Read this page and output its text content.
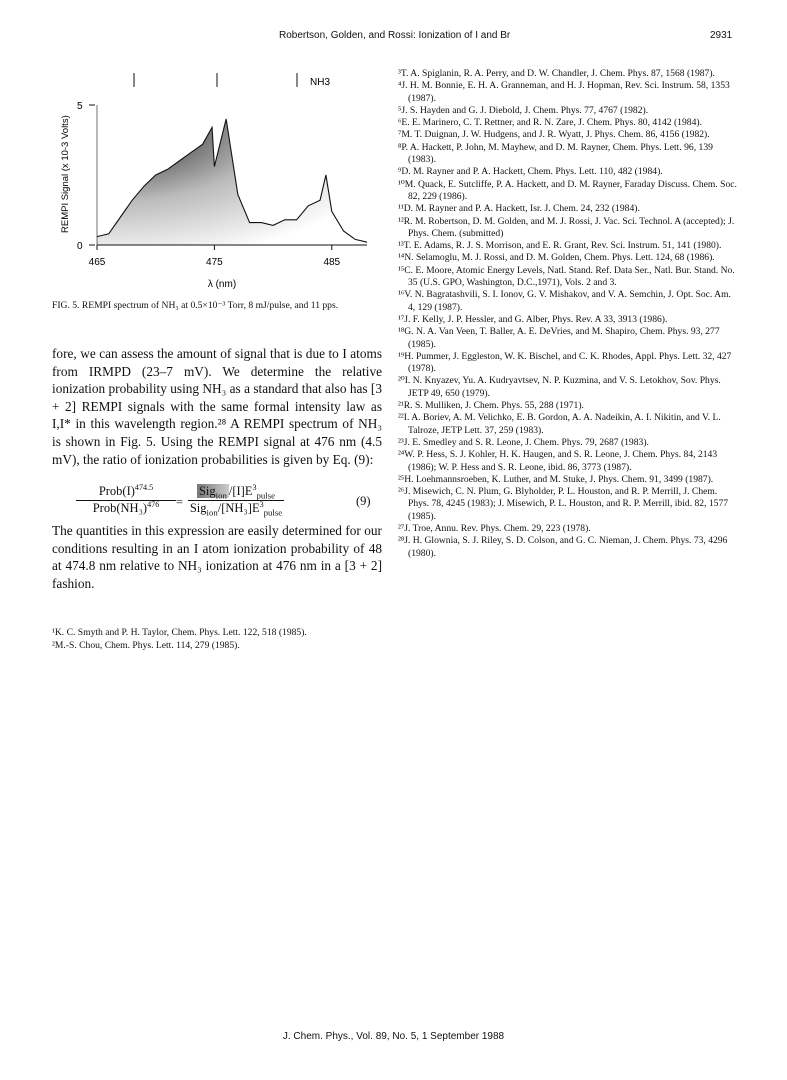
Robertson, Golden, and Rossi: Ionization of I and Br	2931
0
5
465	475	485
NH3
λ (nm)
REMPI Signal (x 10-3 Volts)
FIG. 5. REMPI spectrum of NH₃ at 0.5×10⁻³ Torr, 8 mJ/pulse, and 11 pps.
fore, we can assess the amount of signal that is due to I atoms from IRMPD (23–7 mV). We determine the relative ionization probability using NH₃ as a standard that also has [3 + 2] REMPI signals with the same formal intensity law as I,I* in this wavelength region.²⁸ A REMPI spectrum of NH₃ is shown in Fig. 5. Using the REMPI signal at 476 nm (4.5 mV), the ratio of ionization probabilities is given by Eq. (9):
$Prob(I)^{474.5}$
$Prob(NH_3)^{476}$	=
Sig$_{ion}$ $/[I]E^3_{pulse}$
$Sig_{ion}/[NH_3]E^3_{pulse}$
(9)
The quantities in this expression are easily determined for our conditions resulting in an I atom ionization probability of 48 at 474.8 nm relative to NH₃ ionization at 476 nm in a [3 + 2] fashion.

¹K. C. Smyth and P. H. Taylor, Chem. Phys. Lett. 122, 518 (1985).

²M.-S. Chou, Chem. Phys. Lett. 114, 279 (1985).

³T. A. Spiglanin, R. A. Perry, and D. W. Chandler, J. Chem. Phys. 87, 1568 (1987).

⁴J. H. M. Bonnie, E. H. A. Granneman, and H. J. Hopman, Rev. Sci. Instrum. 58, 1353 (1987).

⁵J. S. Hayden and G. J. Diebold, J. Chem. Phys. 77, 4767 (1982).

⁶E. E. Marinero, C. T. Rettner, and R. N. Zare, J. Chem. Phys. 80, 4142 (1984).

⁷M. T. Duignan, J. W. Hudgens, and J. R. Wyatt, J. Phys. Chem. 86, 4156 (1982).

⁸P. A. Hackett, P. John, M. Mayhew, and D. M. Rayner, Chem. Phys. Lett. 96, 139 (1983).

⁹D. M. Rayner and P. A. Hackett, Chem. Phys. Lett. 110, 482 (1984).

¹⁰M. Quack, E. Sutcliffe, P. A. Hackett, and D. M. Rayner, Faraday Discuss. Chem. Soc. 82, 229 (1986).

¹¹D. M. Rayner and P. A. Hackett, Isr. J. Chem. 24, 232 (1984).

¹²R. M. Robertson, D. M. Golden, and M. J. Rossi, J. Vac. Sci. Technol. A (accepted); J. Phys. Chem. (submitted)

¹³T. E. Adams, R. J. S. Morrison, and E. R. Grant, Rev. Sci. Instrum. 51, 141 (1980).

¹⁴N. Selamoglu, M. J. Rossi, and D. M. Golden, Chem. Phys. Lett. 124, 68 (1986).

¹⁵C. E. Moore, Atomic Energy Levels, Natl. Stand. Ref. Data Ser., Natl. Bur. Stand. No. 35 (U.S. GPO, Washington, D.C.,1971), Vols. 2 and 3.

¹⁶V. N. Bagratashvili, S. I. Ionov, G. V. Mishakov, and V. A. Semchin, J. Opt. Soc. Am. 4, 129 (1987).

¹⁷J. F. Kelly, J. P. Hessler, and G. Alber, Phys. Rev. A 33, 3913 (1986).

¹⁸G. N. A. Van Veen, T. Baller, A. E. DeVries, and M. Shapiro, Chem. Phys. 93, 277 (1985).

¹⁹H. Pummer, J. Eggleston, W. K. Bischel, and C. K. Rhodes, Appl. Phys. Lett. 32, 427 (1978).

²⁰I. N. Knyazev, Yu. A. Kudryavtsev, N. P. Kuzmina, and V. S. Letokhov, Sov. Phys. JETP 49, 650 (1979).

²¹R. S. Mulliken, J. Chem. Phys. 55, 288 (1971).

²²I. A. Boriev, A. M. Velichko, E. B. Gordon, A. A. Nadeikin, A. I. Nikitin, and V. L. Talroze, JETP Lett. 37, 259 (1983).

²³J. E. Smedley and S. R. Leone, J. Chem. Phys. 79, 2687 (1983).

²⁴W. P. Hess, S. J. Kohler, H. K. Haugen, and S. R. Leone, J. Chem. Phys. 84, 2143 (1986); W. P. Hess and S. R. Leone, ibid. 86, 3773 (1987).

²⁵H. Loehmannsroeben, K. Luther, and M. Stuke, J. Phys. Chem. 91, 3499 (1987).

²⁶J. Misewich, C. N. Plum, G. Blyholder, P. L. Houston, and R. P. Merrill, J. Chem. Phys. 78, 4245 (1983); J. Misewich, P. L. Houston, and R. P. Merrill, ibid. 82, 1577 (1985).

²⁷J. Troe, Annu. Rev. Phys. Chem. 29, 223 (1978).

²⁸J. H. Glownia, S. J. Riley, S. D. Colson, and G. C. Nieman, J. Chem. Phys. 73, 4296 (1980).

J. Chem. Phys., Vol. 89, No. 5, 1 September 1988
